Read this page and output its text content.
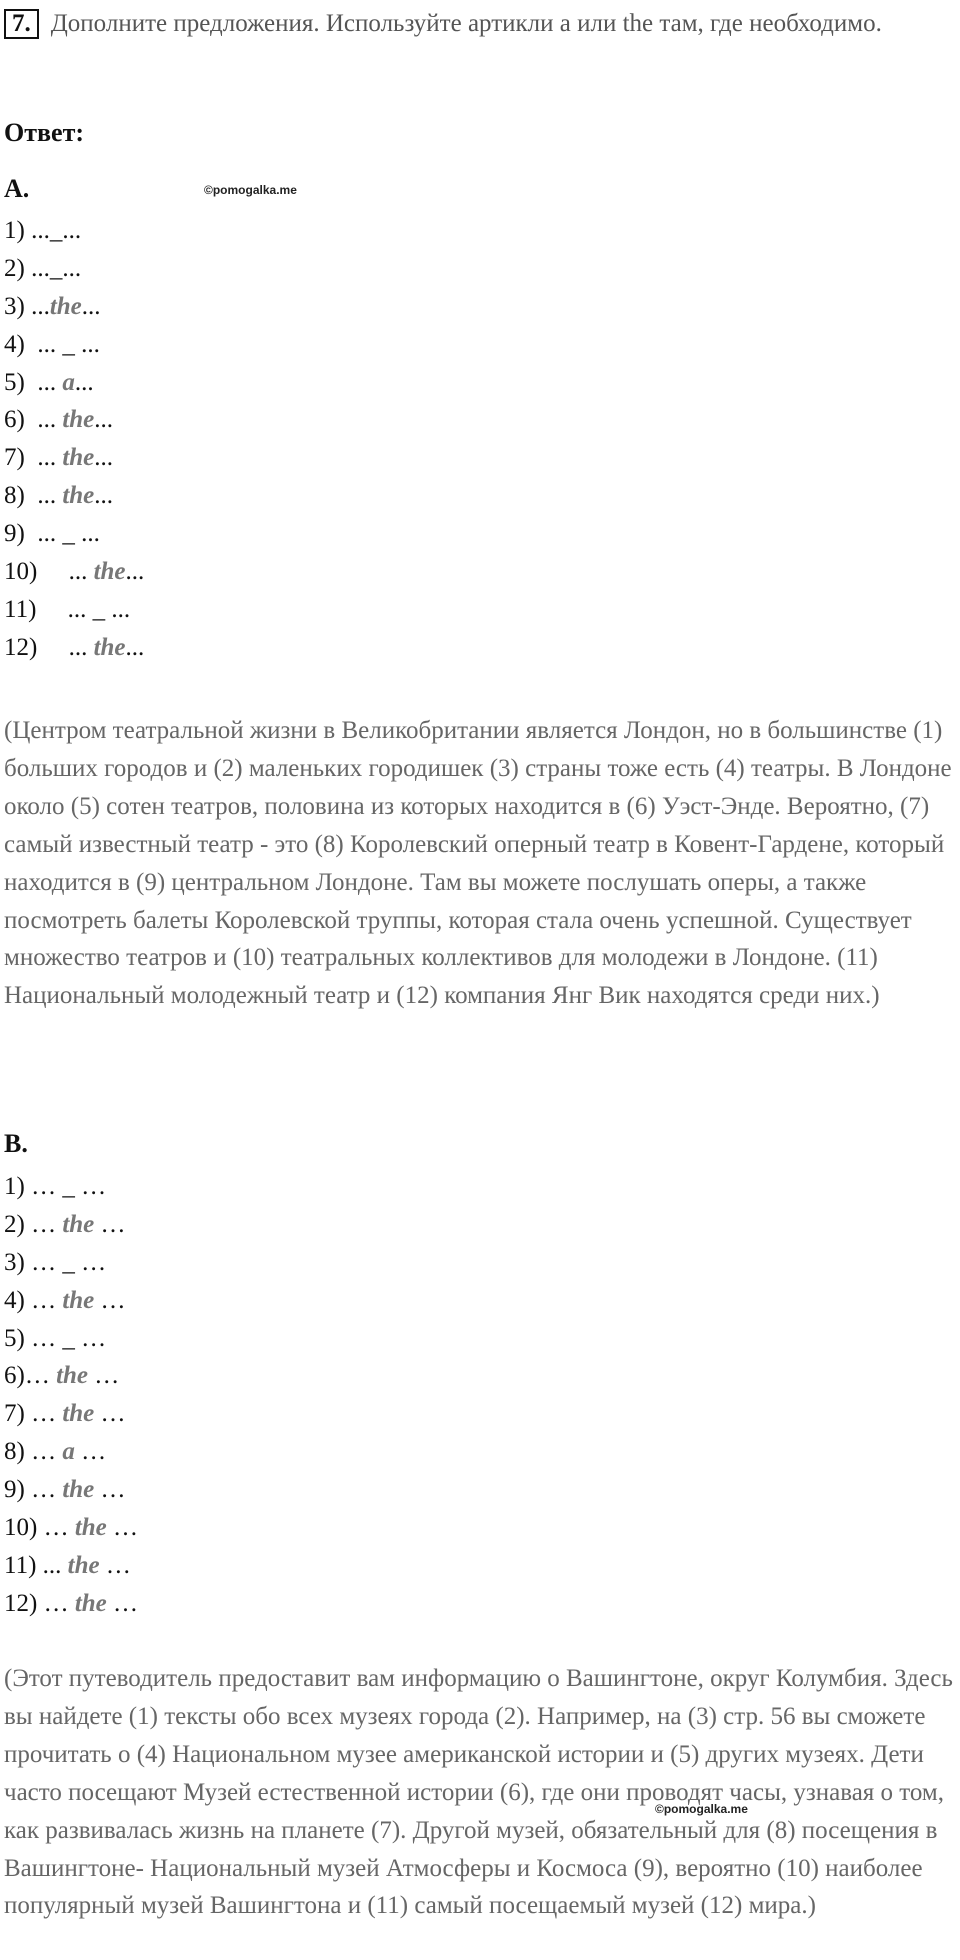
7. Дополните предложения. Используйте артикли a или the там, где необходимо.
Ответ:
A.	©pomogalka.me
1) ..._...
2) ..._...
3) ...the...
4)  ... _ ...
5)  ... a...
6)  ... the...
7)  ... the...
8)  ... the...
9)  ... _ ...
10)     ... the...
11)     ... _ ...
12)     ... the...
(Центром театральной жизни в Великобритании является Лондон, но в большинстве (1) больших городов и (2) маленьких городишек (3) страны тоже есть (4) театры. В Лондоне около (5) сотен театров, половина из которых находится в (6) Уэст-Энде. Вероятно, (7) самый известный театр - это (8) Королевский оперный театр в Ковент-Гардене, который находится в (9) центральном Лондоне. Там вы можете послушать оперы, а также посмотреть балеты Королевской труппы, которая стала очень успешной. Существует множество театров и (10) театральных коллективов для молодежи в Лондоне. (11) Национальный молодежный театр и (12) компания Янг Вик находятся среди них.)
B.
1) … _ …
2) … the …
3) … _ …
4) … the …
5) … _ …
6)… the …
7) … the …
8) … a …
9) … the …
10) … the …
11) ... the …
12) … the …
(Этот путеводитель предоставит вам информацию о Вашингтоне, округ Колумбия. Здесь вы найдете (1) тексты обо всех музеях города (2). Например, на (3) стр. 56 вы сможете прочитать о (4) Национальном музее американской истории и (5) других музеях. Дети часто посещают Музей естественной истории (6), где они проводят часы, узнавая о том, как развивалась жизнь на планете (7). Другой музей, обязательный для (8) посещения в Вашингтоне- Национальный музей Атмосферы и Космоса (9), вероятно (10) наиболее популярный музей Вашингтона и (11) самый посещаемый музей (12) мира.)
©pomogalka.me
